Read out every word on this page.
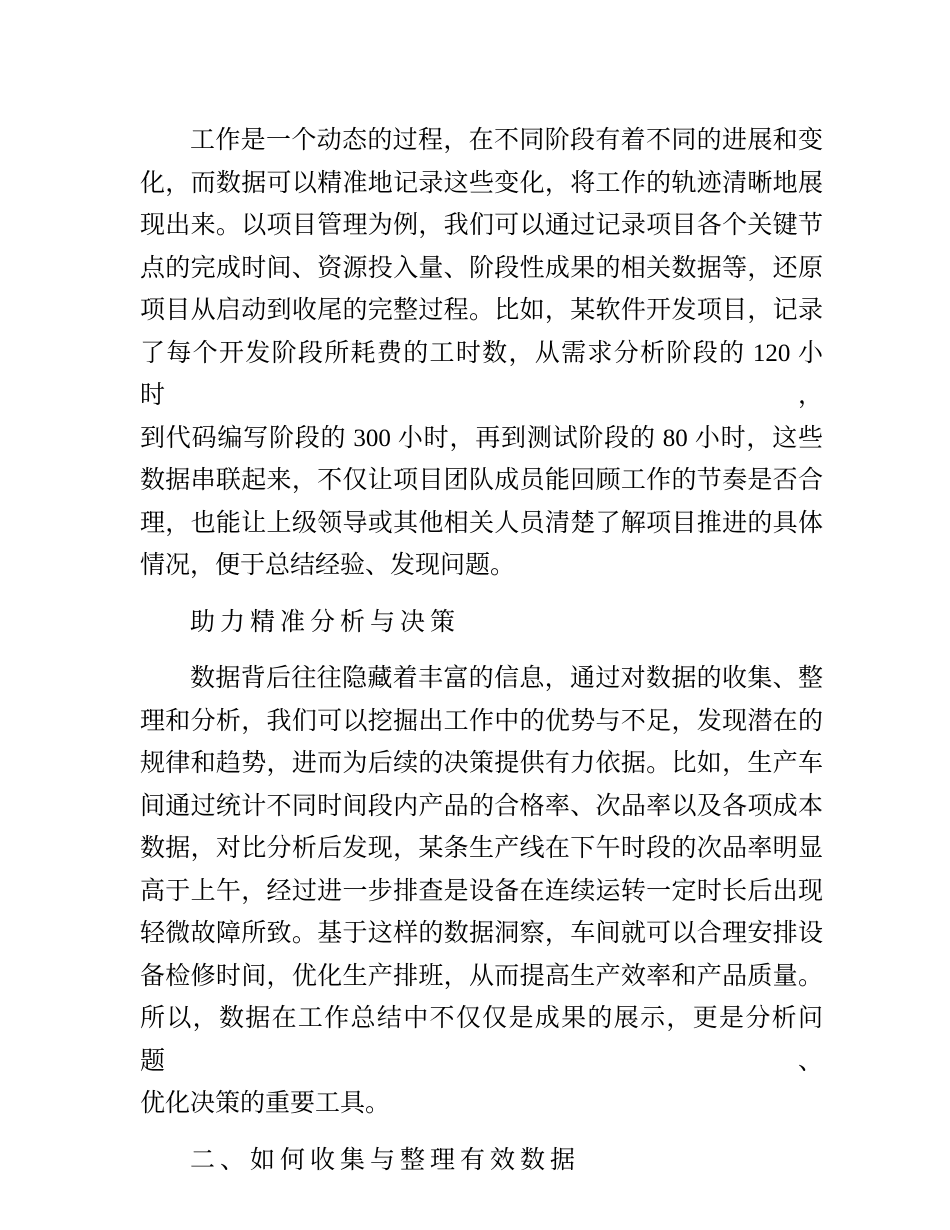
工作是一个动态的过程，在不同阶段有着不同的进展和变
化，而数据可以精准地记录这些变化，将工作的轨迹清晰地展
现出来。以项目管理为例，我们可以通过记录项目各个关键节
点的完成时间、资源投入量、阶段性成果的相关数据等，还原
项目从启动到收尾的完整过程。比如，某软件开发项目，记录
了每个开发阶段所耗费的工时数，从需求分析阶段的 120 小时，
到代码编写阶段的 300 小时，再到测试阶段的 80 小时，这些
数据串联起来，不仅让项目团队成员能回顾工作的节奏是否合
理，也能让上级领导或其他相关人员清楚了解项目推进的具体
情况，便于总结经验、发现问题。
助力精准分析与决策
数据背后往往隐藏着丰富的信息，通过对数据的收集、整
理和分析，我们可以挖掘出工作中的优势与不足，发现潜在的
规律和趋势，进而为后续的决策提供有力依据。比如，生产车
间通过统计不同时间段内产品的合格率、次品率以及各项成本
数据，对比分析后发现，某条生产线在下午时段的次品率明显
高于上午，经过进一步排查是设备在连续运转一定时长后出现
轻微故障所致。基于这样的数据洞察，车间就可以合理安排设
备检修时间，优化生产排班，从而提高生产效率和产品质量。
所以，数据在工作总结中不仅仅是成果的展示，更是分析问题、
优化决策的重要工具。
二、如何收集与整理有效数据
